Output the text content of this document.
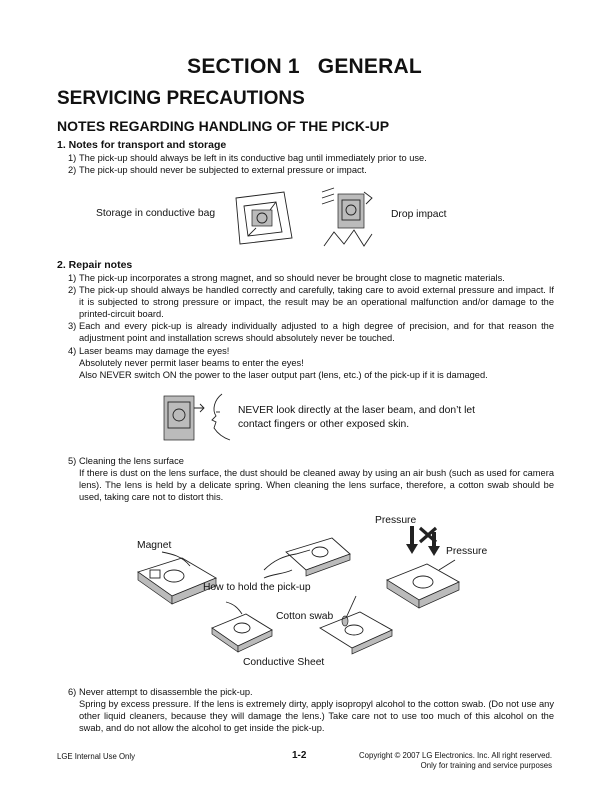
SECTION 1 GENERAL
SERVICING PRECAUTIONS
NOTES REGARDING HANDLING OF THE PICK-UP
1. Notes for transport and storage
1) The pick-up should always be left in its conductive bag until immediately prior to use.
2) The pick-up should never be subjected to external pressure or impact.
Storage in conductive bag	Drop impact
2. Repair notes
1) The pick-up incorporates a strong magnet, and so should never be brought close to magnetic materials.
2) The pick-up should always be handled correctly and carefully, taking care to avoid external pressure and impact. If it is subjected to strong pressure or impact, the result may be an operational malfunction and/or damage to the printed-circuit board.
3) Each and every pick-up is already individually adjusted to a high degree of precision, and for that reason the adjustment point and installation screws should absolutely never be touched.
4) Laser beams may damage the eyes!
Absolutely never permit laser beams to enter the eyes!
Also NEVER switch ON the power to the laser output part (lens, etc.) of the pick-up if it is damaged.
NEVER look directly at the laser beam, and don’t let
contact fingers or other exposed skin.
5) Cleaning the lens surface
If there is dust on the lens surface, the dust should be cleaned away by using an air bush (such as used for camera lens). The lens is held by a delicate spring. When cleaning the lens surface, therefore, a cotton swab should be used, taking care not to distort this.
Magnet
How to hold the pick-up
Pressure
Pressure
Cotton swab
Conductive Sheet
6) Never attempt to disassemble the pick-up.
Spring by excess pressure. If the lens is extremely dirty, apply isopropyl alcohol to the cotton swab. (Do not use any other liquid cleaners, because they will damage the lens.) Take care not to use too much of this alcohol on the swab, and do not allow the alcohol to get inside the pick-up.
LGE Internal Use Only	1-2	Copyright © 2007 LG Electronics. Inc. All right reserved.
Only for training and service purposes
